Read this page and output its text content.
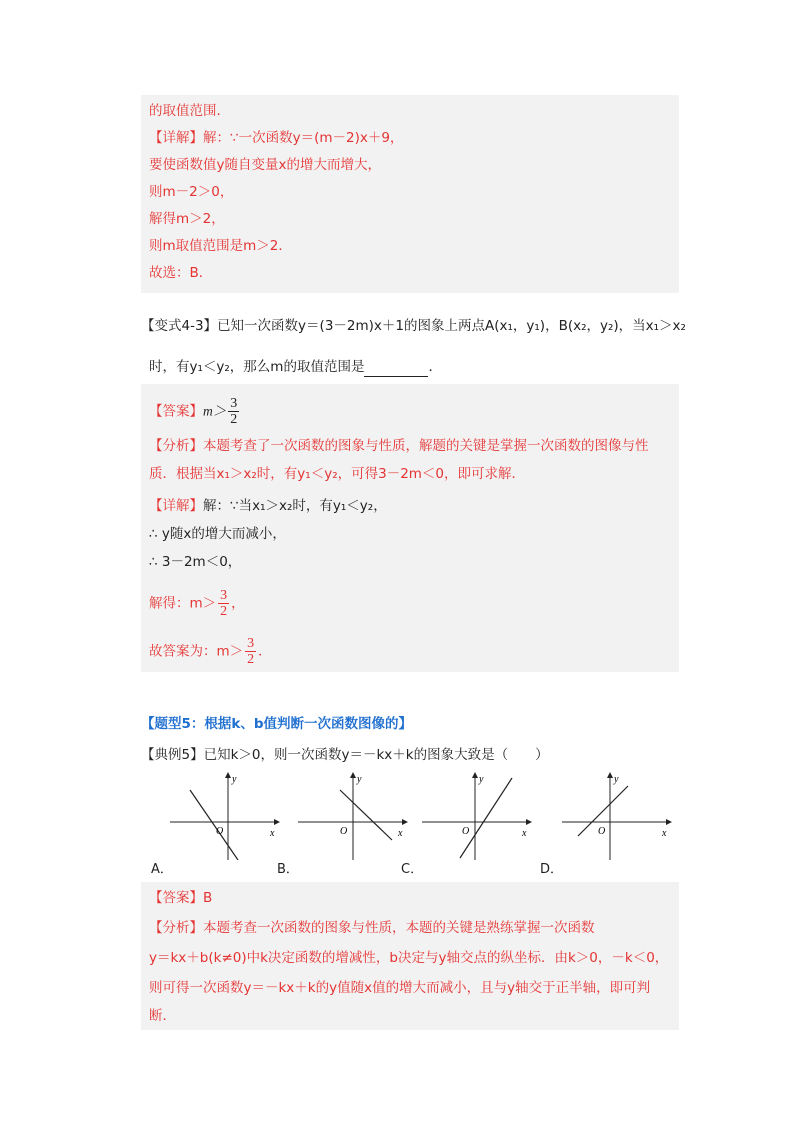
的取值范围．
【详解】解：∵一次函数y＝(m－2)x＋9，
要使函数值y随自变量x的增大而增大，
则m－2＞0，
解得m＞2，
则m取值范围是m＞2．
故选：B．
【变式4-3】已知一次函数y＝(3－2m)x＋1的图象上两点A(x₁，y₁)，B(x₂，y₂)，当x₁＞x₂
时，有y₁＜y₂，那么m的取值范围是	．
【答案】$m> \frac{3}{2}$
【分析】本题考查了一次函数的图象与性质，解题的关键是掌握一次函数的图像与性
质．根据当x₁＞x₂时，有y₁＜y₂，可得3－2m＜0，即可求解．
【详解】解：∵当x₁＞x₂时，有y₁＜y₂，
∴ y随x的增大而减小，
∴ 3－2m＜0，
解得：$m> \frac{3}{2}$ ，
故答案为：$m> \frac{3}{2}$ ．
【题型5：根据k、b值判断一次函数图像的】
【典例5】已知k＞0，则一次函数y＝－kx＋k的图象大致是（　　）
x
y
O
A．
x
y
O
B．
x
y
O
C．
x
y
O
D．
【答案】B
【分析】本题考查一次函数的图象与性质，本题的关键是熟练掌握一次函数
y＝kx＋b(k≠0)中k决定函数的增减性，b决定与y轴交点的纵坐标．由k＞0，－k＜0，
则可得一次函数y＝－kx＋k的y值随x值的增大而减小，且与y轴交于正半轴，即可判
断．
